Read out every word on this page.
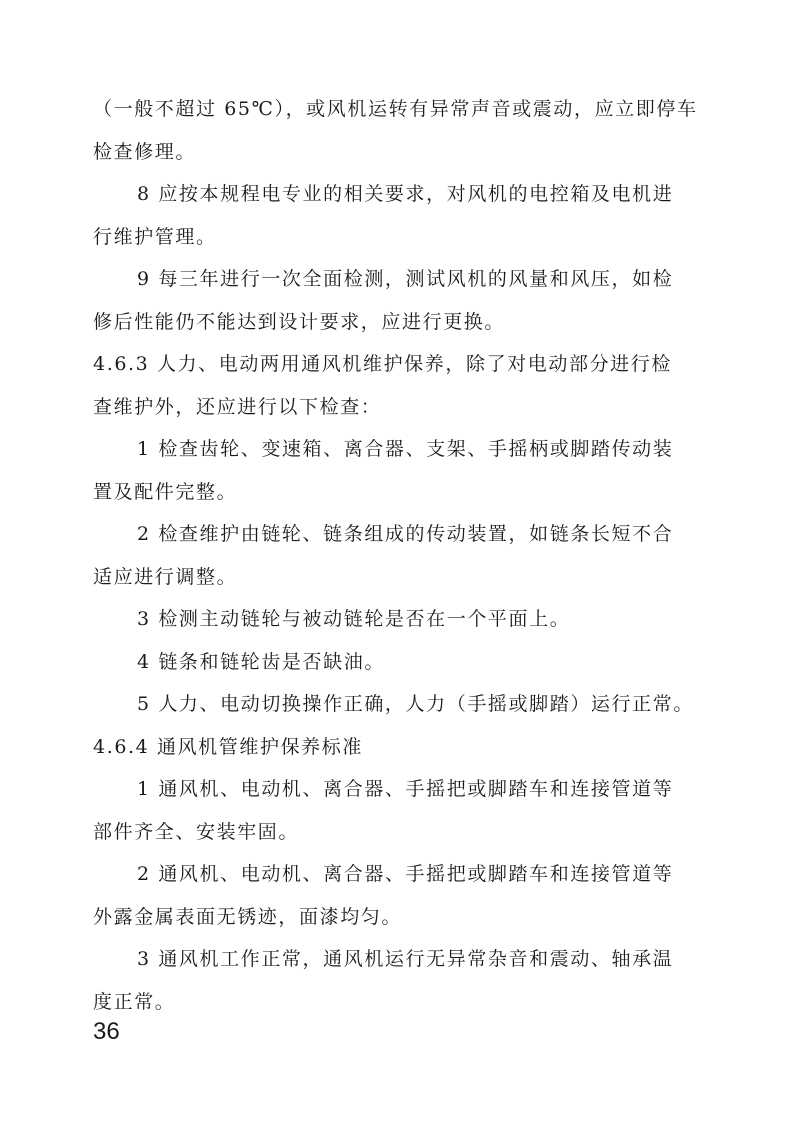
（一般不超过 65℃），或风机运转有异常声音或震动，应立即停车
检查修理。
8 应按本规程电专业的相关要求，对风机的电控箱及电机进
行维护管理。
9 每三年进行一次全面检测，测试风机的风量和风压，如检
修后性能仍不能达到设计要求，应进行更换。
4.6.3 人力、电动两用通风机维护保养，除了对电动部分进行检
查维护外，还应进行以下检查：
1 检查齿轮、变速箱、离合器、支架、手摇柄或脚踏传动装
置及配件完整。
2 检查维护由链轮、链条组成的传动装置，如链条长短不合
适应进行调整。
3 检测主动链轮与被动链轮是否在一个平面上。
4 链条和链轮齿是否缺油。
5 人力、电动切换操作正确，人力（手摇或脚踏）运行正常。
4.6.4 通风机管维护保养标准
1 通风机、电动机、离合器、手摇把或脚踏车和连接管道等
部件齐全、安装牢固。
2 通风机、电动机、离合器、手摇把或脚踏车和连接管道等
外露金属表面无锈迹，面漆均匀。
3 通风机工作正常，通风机运行无异常杂音和震动、轴承温
度正常。
36
